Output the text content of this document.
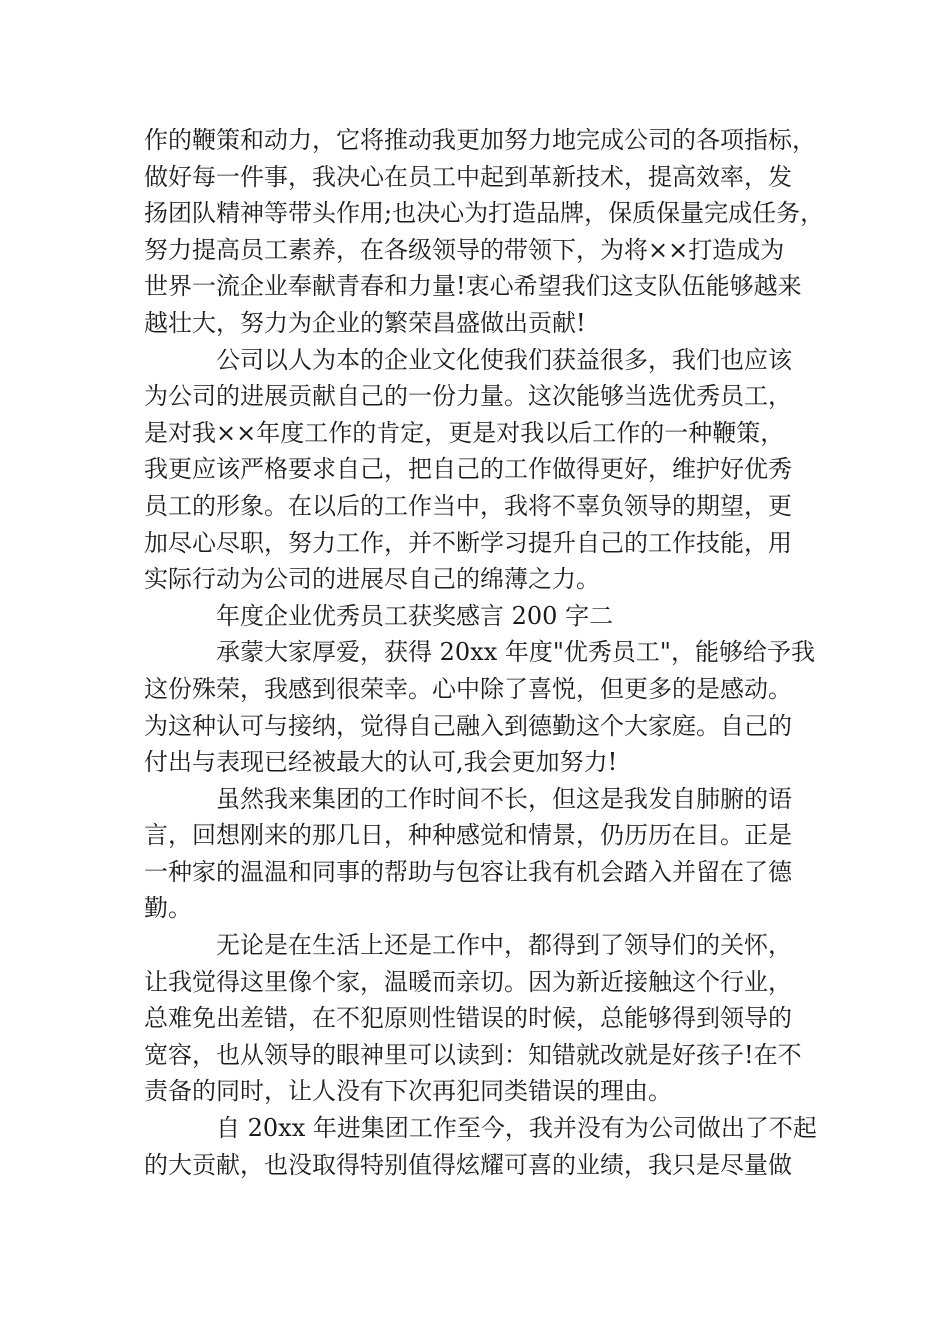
作的鞭策和动力，它将推动我更加努力地完成公司的各项指标，
做好每一件事，我决心在员工中起到革新技术，提高效率，发
扬团队精神等带头作用;也决心为打造品牌，保质保量完成任务，
努力提高员工素养，在各级领导的带领下，为将××打造成为
世界一流企业奉献青春和力量!衷心希望我们这支队伍能够越来
越壮大，努力为企业的繁荣昌盛做出贡献!
公司以人为本的企业文化使我们获益很多，我们也应该
为公司的进展贡献自己的一份力量。这次能够当选优秀员工，
是对我××年度工作的肯定，更是对我以后工作的一种鞭策，
我更应该严格要求自己，把自己的工作做得更好，维护好优秀
员工的形象。在以后的工作当中，我将不辜负领导的期望，更
加尽心尽职，努力工作，并不断学习提升自己的工作技能，用
实际行动为公司的进展尽自己的绵薄之力。
年度企业优秀员工获奖感言 200 字二
承蒙大家厚爱，获得 20xx 年度"优秀员工"，能够给予我
这份殊荣，我感到很荣幸。心中除了喜悦，但更多的是感动。
为这种认可与接纳，觉得自己融入到德勤这个大家庭。自己的
付出与表现已经被最大的认可,我会更加努力!
虽然我来集团的工作时间不长，但这是我发自肺腑的语
言，回想刚来的那几日，种种感觉和情景，仍历历在目。正是
一种家的温温和同事的帮助与包容让我有机会踏入并留在了德
勤。
无论是在生活上还是工作中，都得到了领导们的关怀，
让我觉得这里像个家，温暖而亲切。因为新近接触这个行业，
总难免出差错，在不犯原则性错误的时候，总能够得到领导的
宽容，也从领导的眼神里可以读到：知错就改就是好孩子!在不
责备的同时，让人没有下次再犯同类错误的理由。
自 20xx 年进集团工作至今，我并没有为公司做出了不起
的大贡献，也没取得特别值得炫耀可喜的业绩，我只是尽量做
